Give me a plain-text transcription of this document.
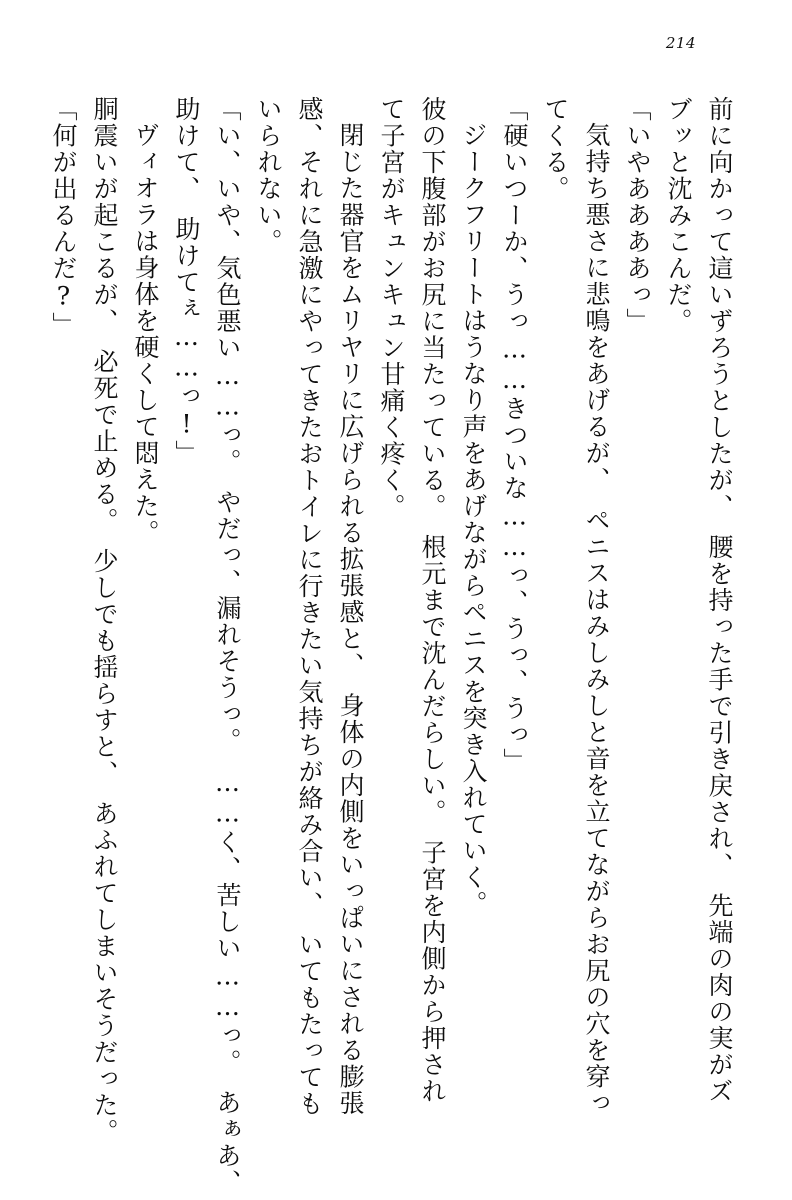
214
前に向かって這いずろうとしたが、　腰を持った手で引き戻され、　先端の肉の実がズ
ブッと沈みこんだ。
「いやああああっ」
気持ち悪さに悲鳴をあげるが、　ペニスはみしみしと音を立てながらお尻の穴を穿っ
てくる。
「硬いつーか、うっ……きついな……っ、うっ、うっ」
ジークフリートはうなり声をあげながらペニスを突き入れていく。
彼の下腹部がお尻に当たっている。　根元まで沈んだらしい。　子宮を内側から押され
て子宮がキュンキュン甘痛く疼く。
閉じた器官をムリヤリに広げられる拡張感と、　身体の内側をいっぱいにされる膨張
感、それに急激にやってきたおトイレに行きたい気持ちが絡み合い、　いてもたっても
いられない。
「い、いや、気色悪い……っ。　やだっ、漏れそうっ。　……く、苦しい……っ。　あぁあ、
助けて、　助けてぇ……っ!」
ヴィオラは身体を硬くして悶えた。
胴震いが起こるが、　必死で止める。　少しでも揺らすと、　あふれてしまいそうだった。
「何が出るんだ?」
